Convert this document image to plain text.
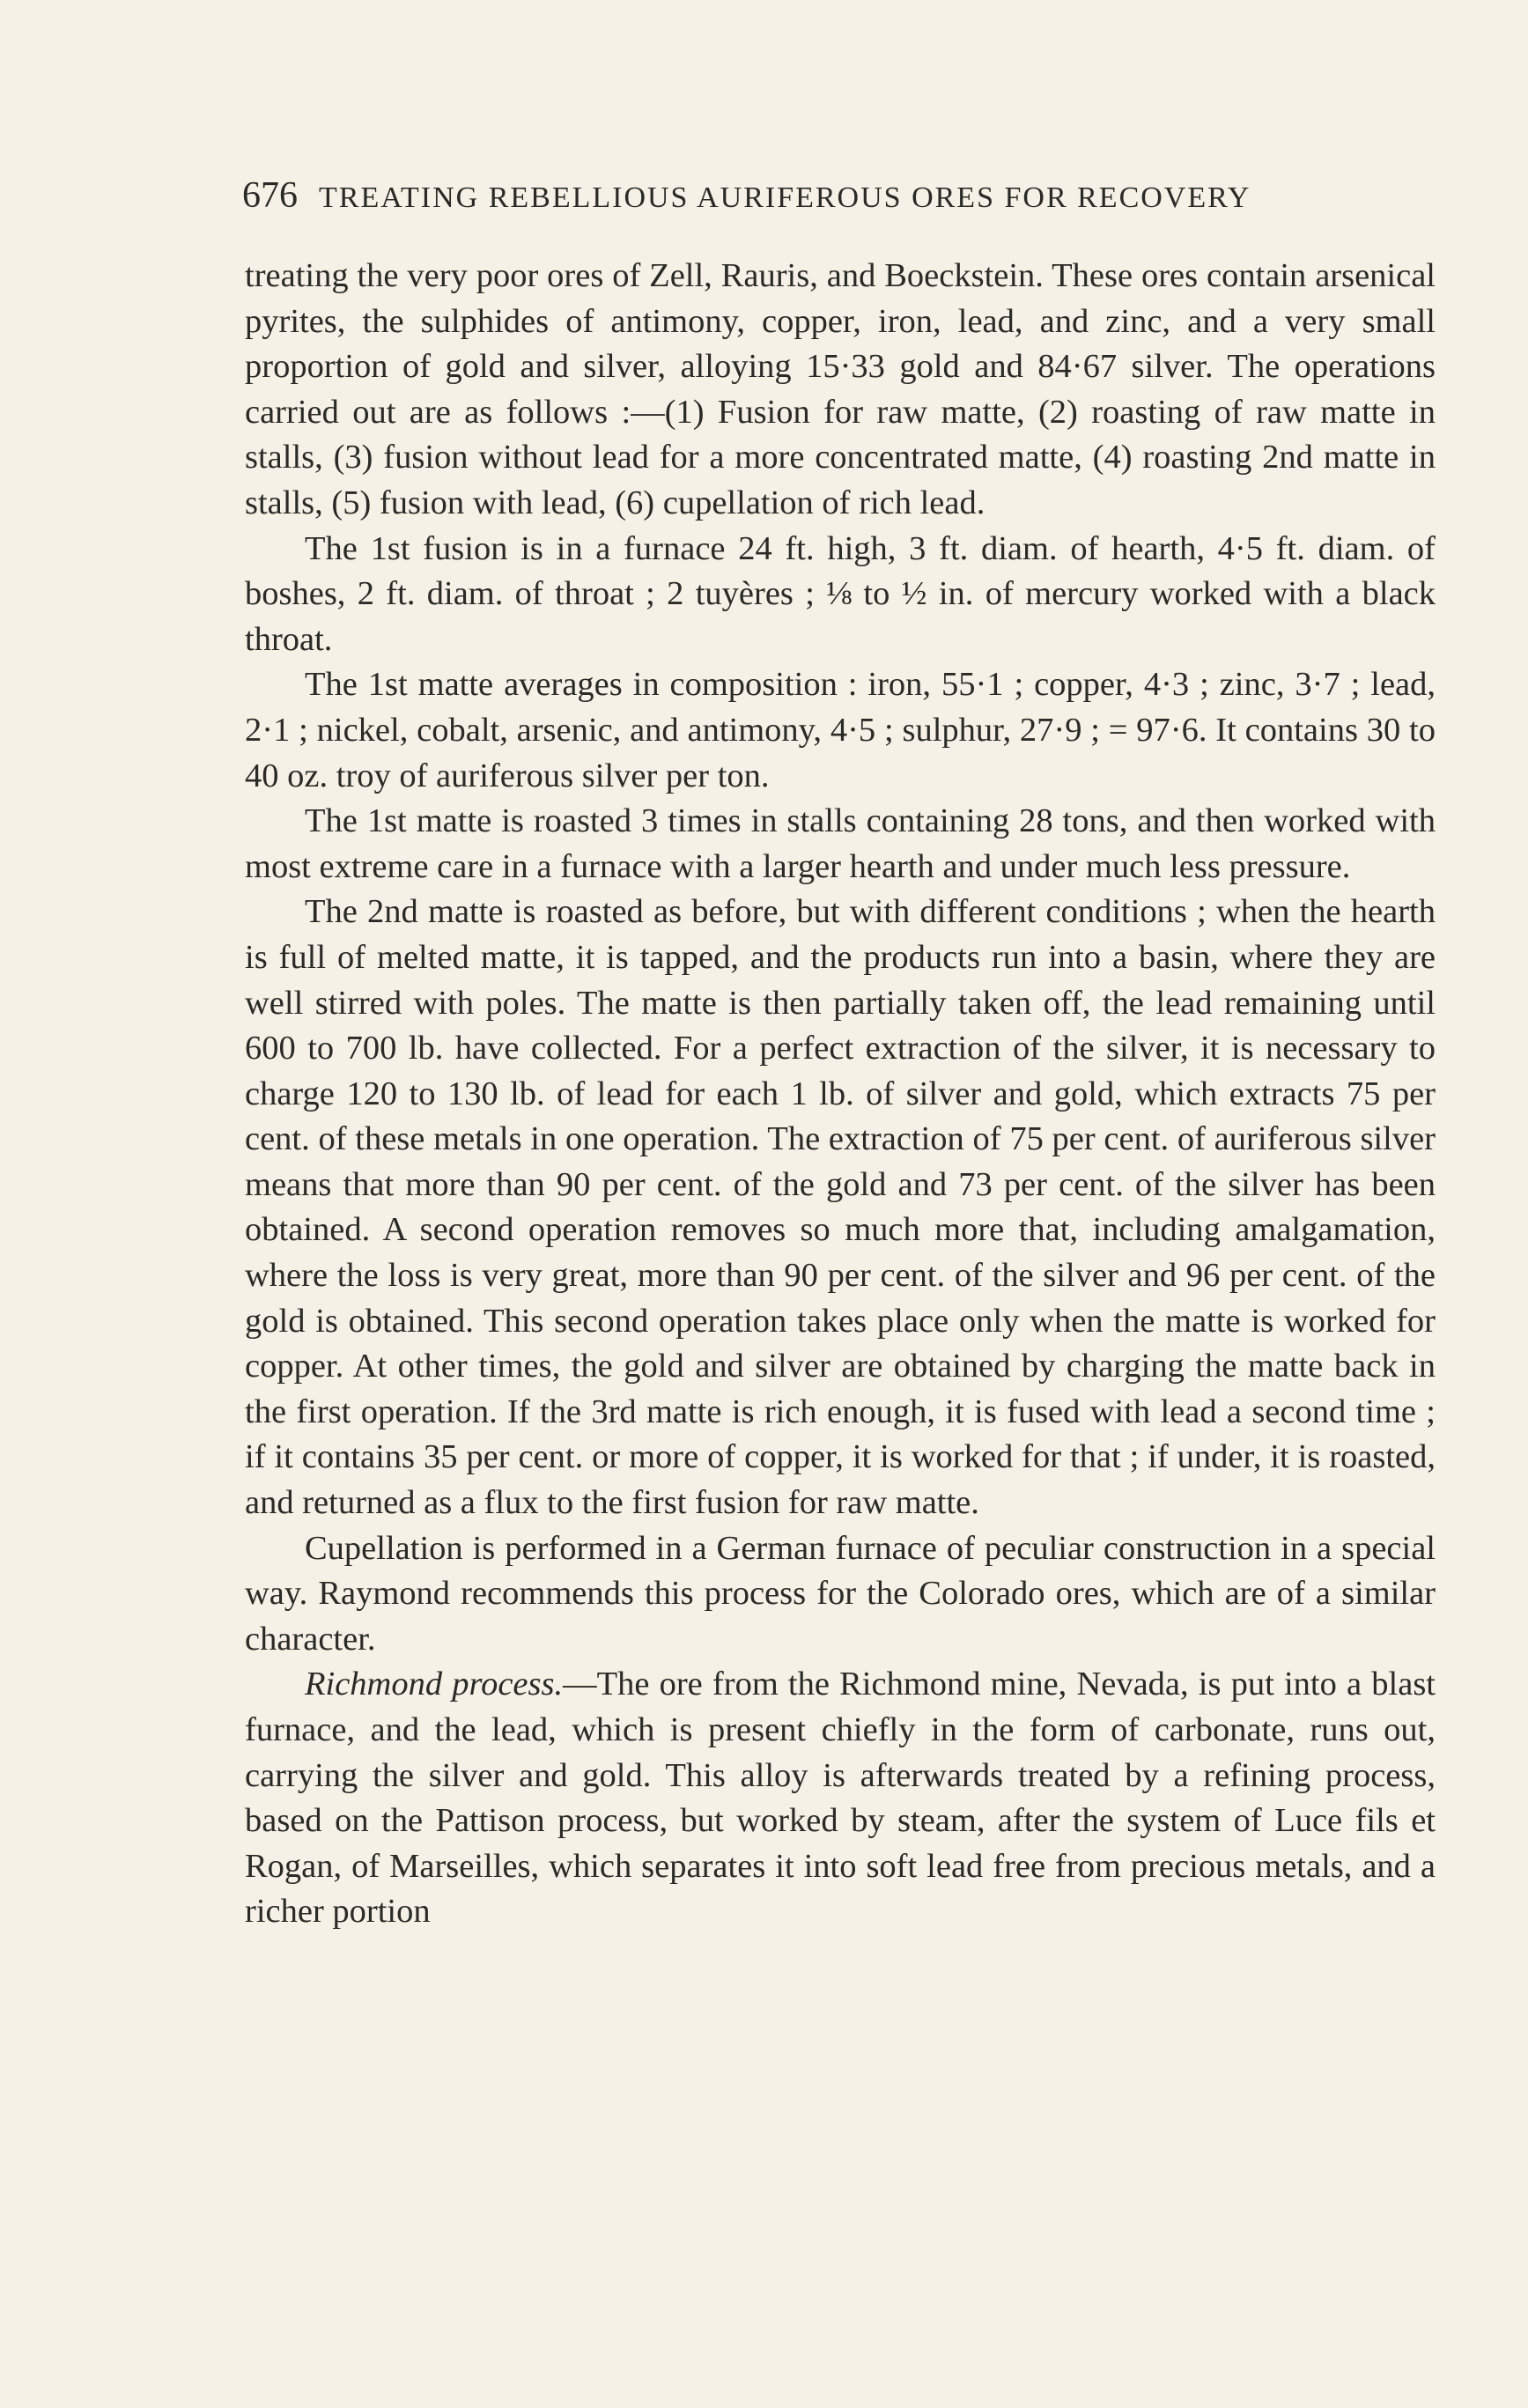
676 TREATING REBELLIOUS AURIFEROUS ORES FOR RECOVERY

treating the very poor ores of Zell, Rauris, and Boeckstein. These ores contain arsenical pyrites, the sulphides of antimony, copper, iron, lead, and zinc, and a very small proportion of gold and silver, alloying 15·33 gold and 84·67 silver. The operations carried out are as follows :—(1) Fusion for raw matte, (2) roasting of raw matte in stalls, (3) fusion without lead for a more concentrated matte, (4) roasting 2nd matte in stalls, (5) fusion with lead, (6) cupellation of rich lead.

The 1st fusion is in a furnace 24 ft. high, 3 ft. diam. of hearth, 4·5 ft. diam. of boshes, 2 ft. diam. of throat ; 2 tuyères ; ⅛ to ½ in. of mercury worked with a black throat.

The 1st matte averages in composition : iron, 55·1 ; copper, 4·3 ; zinc, 3·7 ; lead, 2·1 ; nickel, cobalt, arsenic, and antimony, 4·5 ; sulphur, 27·9 ; = 97·6. It contains 30 to 40 oz. troy of auriferous silver per ton.

The 1st matte is roasted 3 times in stalls containing 28 tons, and then worked with most extreme care in a furnace with a larger hearth and under much less pressure.

The 2nd matte is roasted as before, but with different conditions ; when the hearth is full of melted matte, it is tapped, and the products run into a basin, where they are well stirred with poles. The matte is then partially taken off, the lead remaining until 600 to 700 lb. have collected. For a perfect extraction of the silver, it is necessary to charge 120 to 130 lb. of lead for each 1 lb. of silver and gold, which extracts 75 per cent. of these metals in one operation. The extraction of 75 per cent. of auriferous silver means that more than 90 per cent. of the gold and 73 per cent. of the silver has been obtained. A second operation removes so much more that, including amalgamation, where the loss is very great, more than 90 per cent. of the silver and 96 per cent. of the gold is obtained. This second operation takes place only when the matte is worked for copper. At other times, the gold and silver are obtained by charging the matte back in the first operation. If the 3rd matte is rich enough, it is fused with lead a second time ; if it contains 35 per cent. or more of copper, it is worked for that ; if under, it is roasted, and returned as a flux to the first fusion for raw matte.

Cupellation is performed in a German furnace of peculiar construction in a special way. Raymond recommends this process for the Colorado ores, which are of a similar character.

Richmond process.—The ore from the Richmond mine, Nevada, is put into a blast furnace, and the lead, which is present chiefly in the form of carbonate, runs out, carrying the silver and gold. This alloy is afterwards treated by a refining process, based on the Pattison process, but worked by steam, after the system of Luce fils et Rogan, of Marseilles, which separates it into soft lead free from precious metals, and a richer portion
